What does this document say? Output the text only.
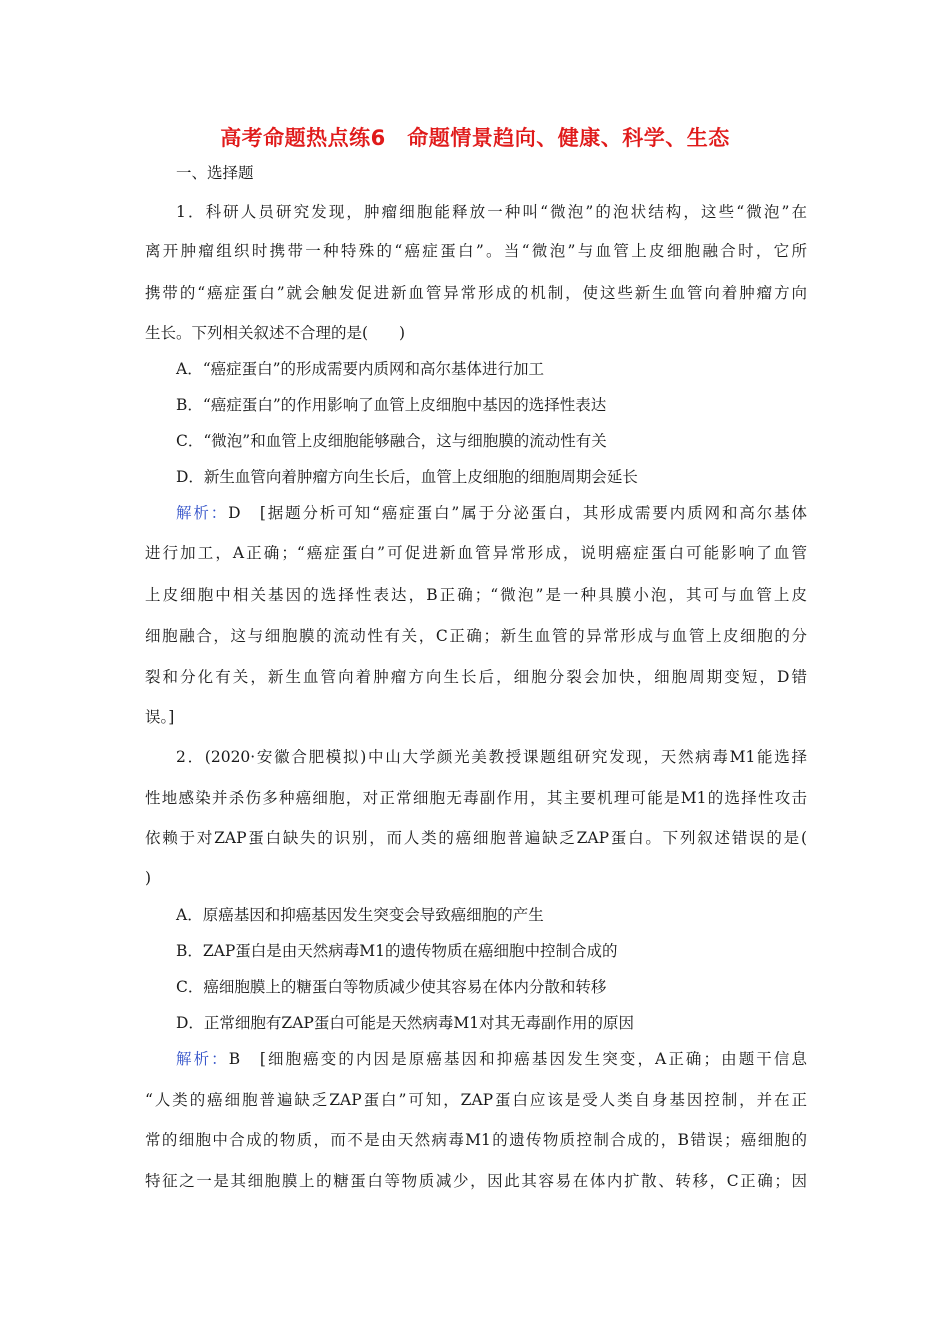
高考命题热点练6　命题情景趋向、健康、科学、生态
一、选择题
1．科研人员研究发现，肿瘤细胞能释放一种叫“微泡”的泡状结构，这些“微泡”在
离开肿瘤组织时携带一种特殊的“癌症蛋白”。当“微泡”与血管上皮细胞融合时，它所
携带的“癌症蛋白”就会触发促进新血管异常形成的机制，使这些新生血管向着肿瘤方向
生长。下列相关叙述不合理的是(　　)
A．“癌症蛋白”的形成需要内质网和高尔基体进行加工
B．“癌症蛋白”的作用影响了血管上皮细胞中基因的选择性表达
C．“微泡”和血管上皮细胞能够融合，这与细胞膜的流动性有关
D．新生血管向着肿瘤方向生长后，血管上皮细胞的细胞周期会延长
解析：D　[据题分析可知“癌症蛋白”属于分泌蛋白，其形成需要内质网和高尔基体
进行加工，A正确；“癌症蛋白”可促进新血管异常形成，说明癌症蛋白可能影响了血管
上皮细胞中相关基因的选择性表达，B正确；“微泡”是一种具膜小泡，其可与血管上皮
细胞融合，这与细胞膜的流动性有关，C正确；新生血管的异常形成与血管上皮细胞的分
裂和分化有关，新生血管向着肿瘤方向生长后，细胞分裂会加快，细胞周期变短，D错
误。]
2．(2020·安徽合肥模拟)中山大学颜光美教授课题组研究发现，天然病毒M1能选择
性地感染并杀伤多种癌细胞，对正常细胞无毒副作用，其主要机理可能是M1的选择性攻击
依赖于对ZAP蛋白缺失的识别，而人类的癌细胞普遍缺乏ZAP蛋白。下列叙述错误的是(
)
A．原癌基因和抑癌基因发生突变会导致癌细胞的产生
B．ZAP蛋白是由天然病毒M1的遗传物质在癌细胞中控制合成的
C．癌细胞膜上的糖蛋白等物质减少使其容易在体内分散和转移
D．正常细胞有ZAP蛋白可能是天然病毒M1对其无毒副作用的原因
解析：B　[细胞癌变的内因是原癌基因和抑癌基因发生突变，A正确；由题干信息
“人类的癌细胞普遍缺乏ZAP蛋白”可知，ZAP蛋白应该是受人类自身基因控制，并在正
常的细胞中合成的物质，而不是由天然病毒M1的遗传物质控制合成的，B错误；癌细胞的
特征之一是其细胞膜上的糖蛋白等物质减少，因此其容易在体内扩散、转移，C正确；因
